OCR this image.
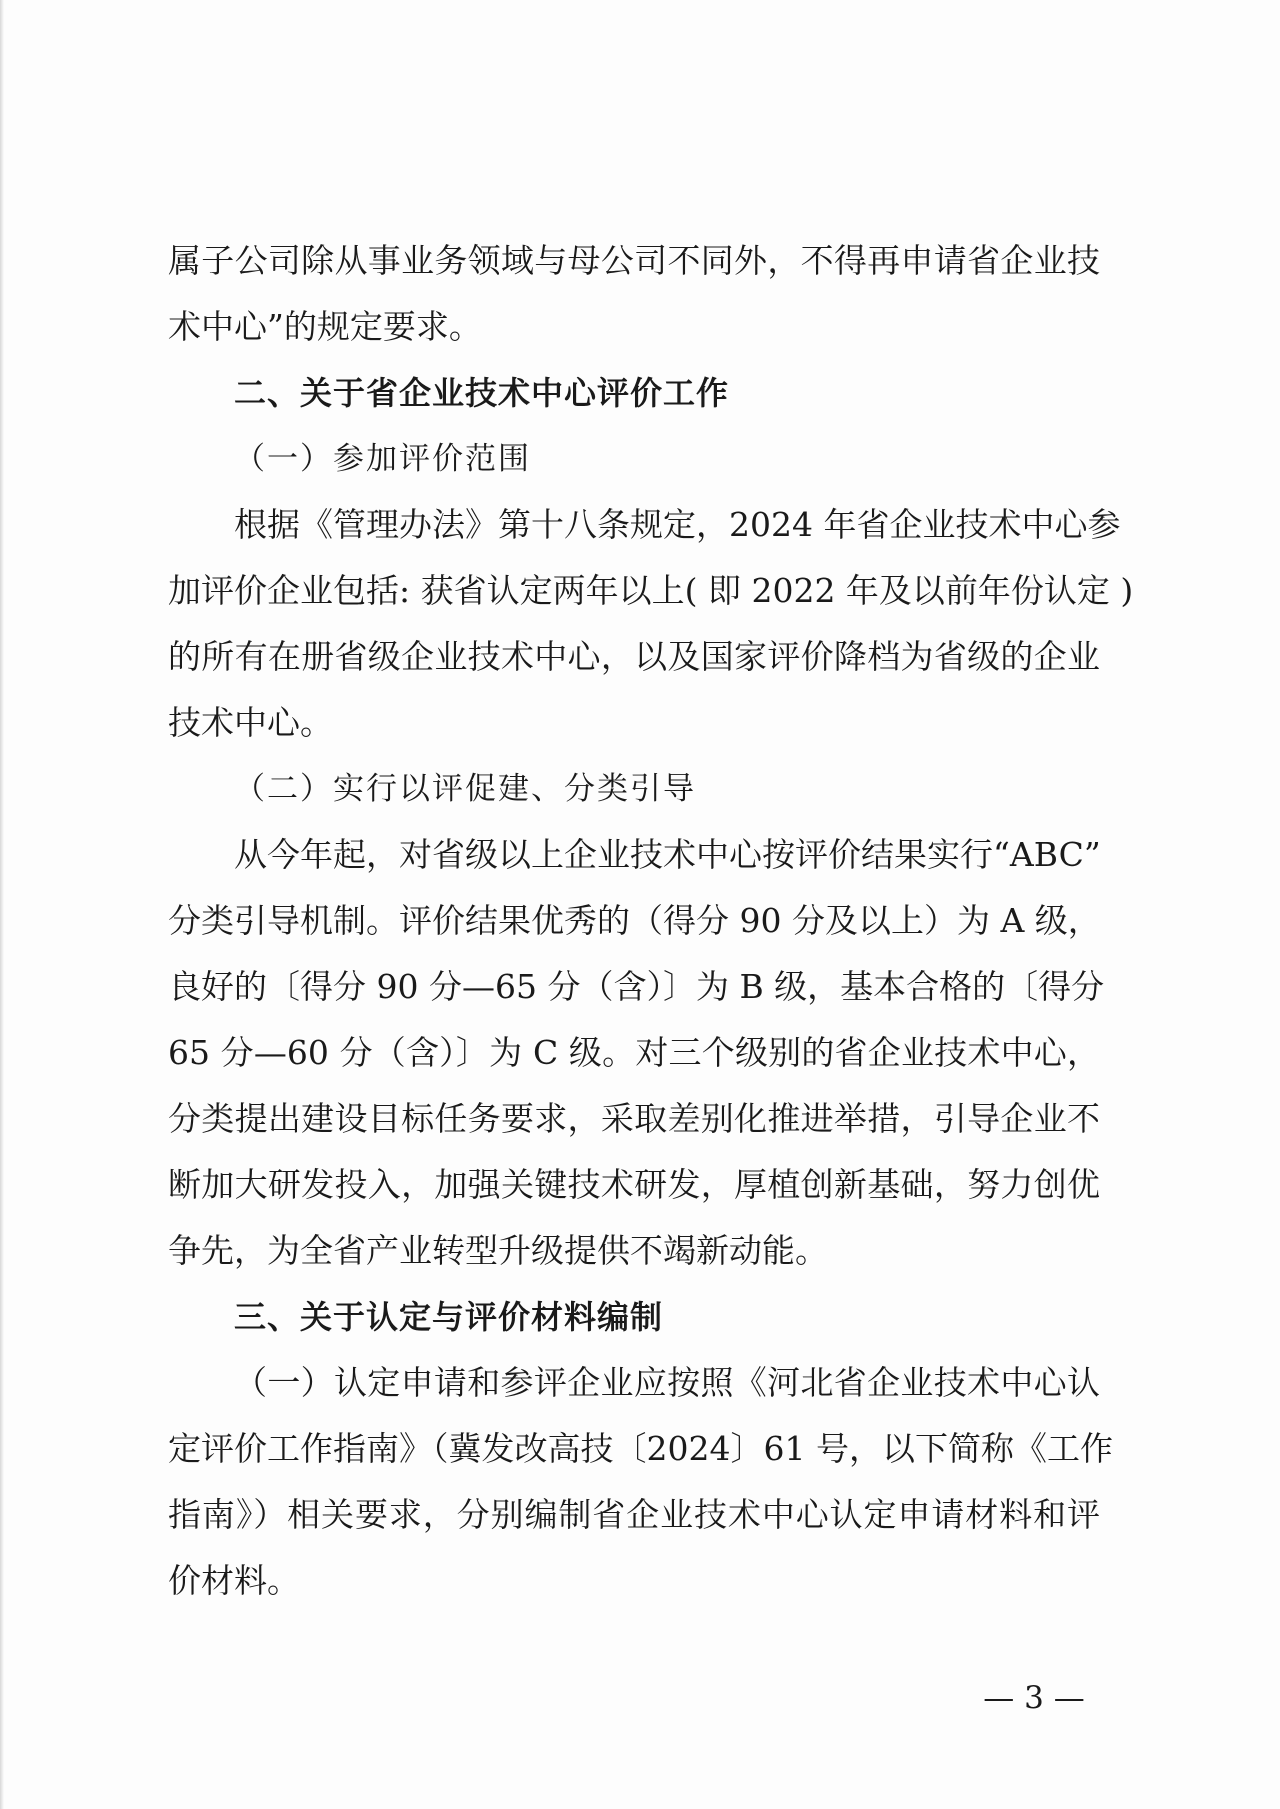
属子公司除从事业务领域与母公司不同外，不得再申请省企业技
术中心”的规定要求。
二、关于省企业技术中心评价工作
（一）参加评价范围
根据《管理办法》第十八条规定，2024 年省企业技术中心参
加评价企业包括: 获省认定两年以上( 即 2022 年及以前年份认定 )
的所有在册省级企业技术中心，以及国家评价降档为省级的企业
技术中心。
（二）实行以评促建、分类引导
从今年起，对省级以上企业技术中心按评价结果实行“ABC”
分类引导机制。评价结果优秀的（得分 90 分及以上）为 A 级，
良好的〔得分 90 分—65 分（含）〕为 B 级，基本合格的〔得分
65 分—60 分（含）〕为 C 级。对三个级别的省企业技术中心，
分类提出建设目标任务要求，采取差别化推进举措，引导企业不
断加大研发投入，加强关键技术研发，厚植创新基础，努力创优
争先，为全省产业转型升级提供不竭新动能。
三、关于认定与评价材料编制
（一）认定申请和参评企业应按照《河北省企业技术中心认
定评价工作指南》（冀发改高技〔2024〕61 号，以下简称《工作
指南》）相关要求，分别编制省企业技术中心认定申请材料和评
价材料。
— 3 —
